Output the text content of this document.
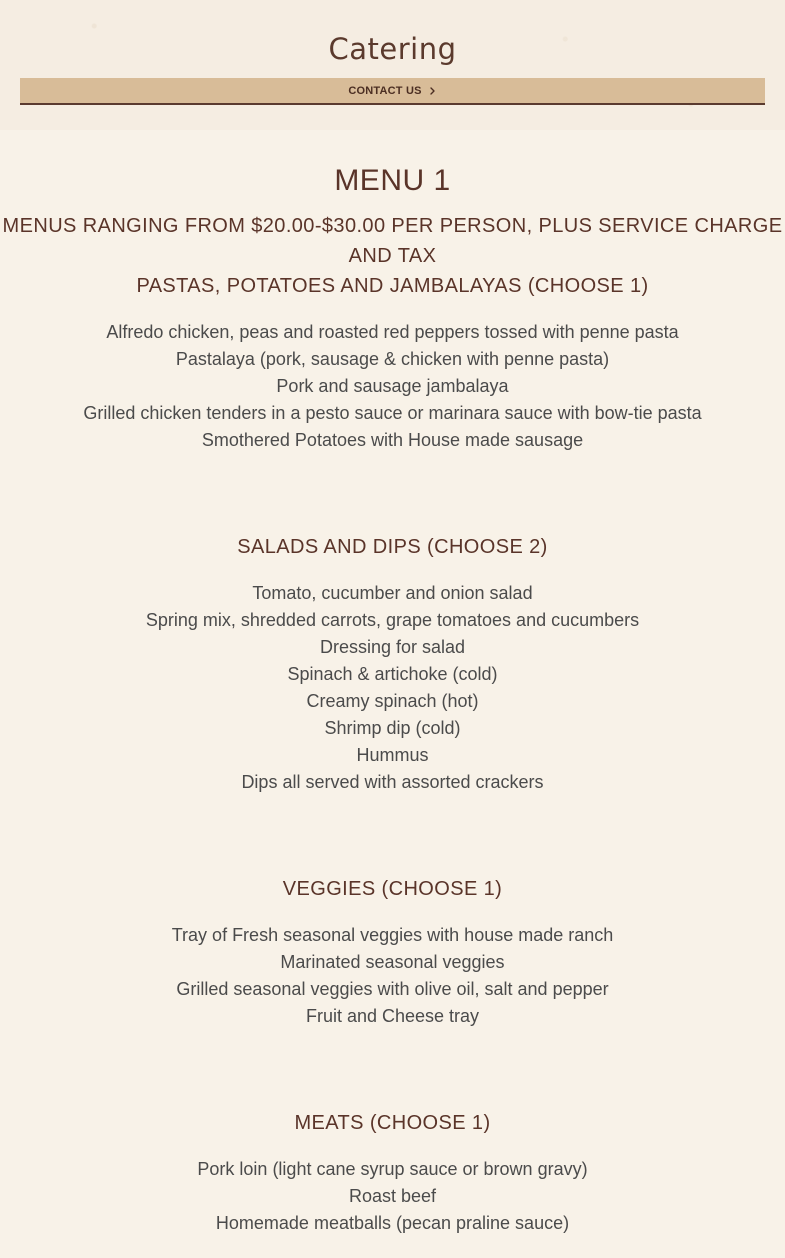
Catering
CONTACT US
MENU 1
MENUS RANGING FROM $20.00-$30.00 PER PERSON, PLUS SERVICE CHARGE AND TAX
PASTAS, POTATOES AND JAMBALAYAS (CHOOSE 1)
Alfredo chicken, peas and roasted red peppers tossed with penne pasta
Pastalaya (pork, sausage & chicken with penne pasta)
Pork and sausage jambalaya
Grilled chicken tenders in a pesto sauce or marinara sauce with bow-tie pasta
Smothered Potatoes with House made sausage
SALADS AND DIPS (CHOOSE 2)
Tomato, cucumber and onion salad
Spring mix, shredded carrots, grape tomatoes and cucumbers
Dressing for salad
Spinach & artichoke (cold)
Creamy spinach (hot)
Shrimp dip (cold)
Hummus
Dips all served with assorted crackers
VEGGIES (CHOOSE 1)
Tray of Fresh seasonal veggies with house made ranch
Marinated seasonal veggies
Grilled seasonal veggies with olive oil, salt and pepper
Fruit and Cheese tray
MEATS (CHOOSE 1)
Pork loin (light cane syrup sauce or brown gravy)
Roast beef
Homemade meatballs (pecan praline sauce)
